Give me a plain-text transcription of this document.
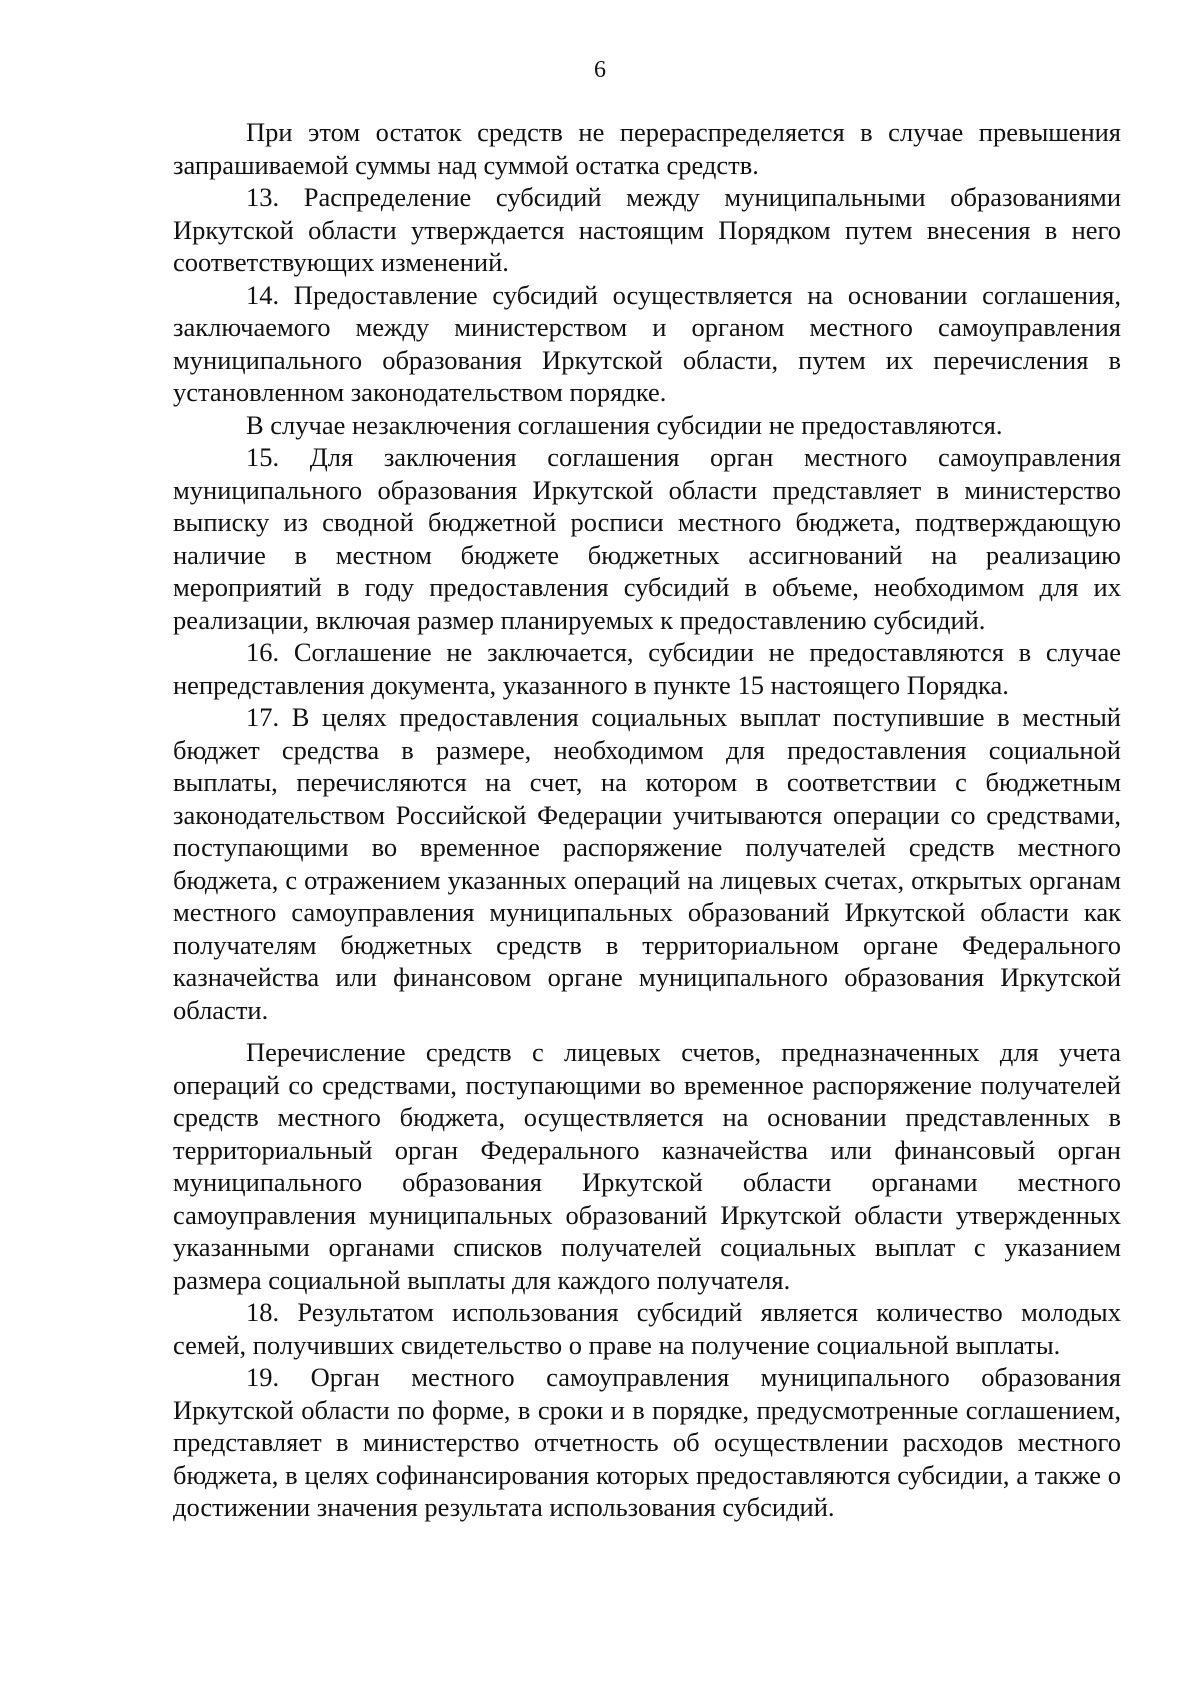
6

При этом остаток средств не перераспределяется в случае превышения запрашиваемой суммы над суммой остатка средств.

13. Распределение субсидий между муниципальными образованиями Иркутской области утверждается настоящим Порядком путем внесения в него соответствующих изменений.

14. Предоставление субсидий осуществляется на основании соглашения, заключаемого между министерством и органом местного самоуправления муниципального образования Иркутской области, путем их перечисления в установленном законодательством порядке.

В случае незаключения соглашения субсидии не предоставляются.

15. Для заключения соглашения орган местного самоуправления муниципального образования Иркутской области представляет в министерство выписку из сводной бюджетной росписи местного бюджета, подтверждающую наличие в местном бюджете бюджетных ассигнований на реализацию мероприятий в году предоставления субсидий в объеме, необходимом для их реализации, включая размер планируемых к предоставлению субсидий.

16. Соглашение не заключается, субсидии не предоставляются в случае непредставления документа, указанного в пункте 15 настоящего Порядка.

17. В целях предоставления социальных выплат поступившие в местный бюджет средства в размере, необходимом для предоставления социальной выплаты, перечисляются на счет, на котором в соответствии с бюджетным законодательством Российской Федерации учитываются операции со средствами, поступающими во временное распоряжение получателей средств местного бюджета, с отражением указанных операций на лицевых счетах, открытых органам местного самоуправления муниципальных образований Иркутской области как получателям бюджетных средств в территориальном органе Федерального казначейства или финансовом органе муниципального образования Иркутской области.

Перечисление средств с лицевых счетов, предназначенных для учета операций со средствами, поступающими во временное распоряжение получателей средств местного бюджета, осуществляется на основании представленных в территориальный орган Федерального казначейства или финансовый орган муниципального образования Иркутской области органами местного самоуправления муниципальных образований Иркутской области утвержденных указанными органами списков получателей социальных выплат с указанием размера социальной выплаты для каждого получателя.

18. Результатом использования субсидий является количество молодых семей, получивших свидетельство о праве на получение социальной выплаты.

19. Орган местного самоуправления муниципального образования Иркутской области по форме, в сроки и в порядке, предусмотренные соглашением, представляет в министерство отчетность об осуществлении расходов местного бюджета, в целях софинансирования которых предоставляются субсидии, а также о достижении значения результата использования субсидий.
